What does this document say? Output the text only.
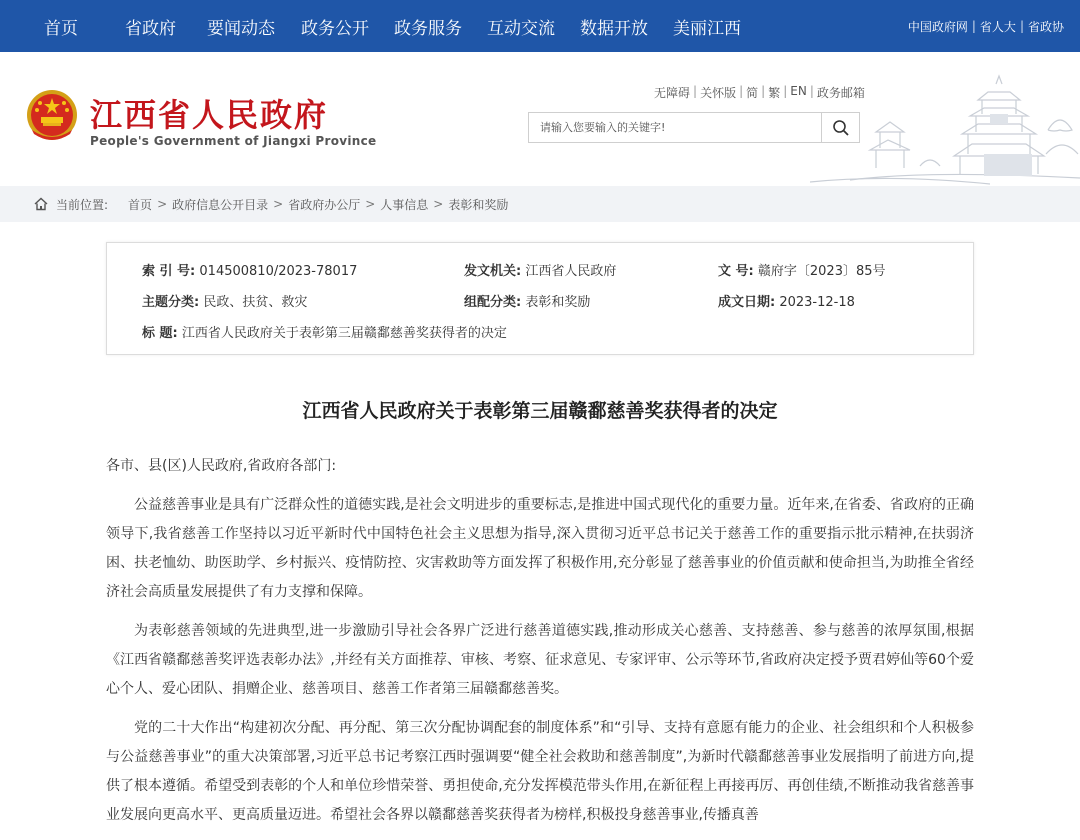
首页	省政府 要闻动态 政务公开 政务服务 互动交流 数据开放 美丽江西	中国政府网 | 省人大 | 省政协
江西省人民政府
People's Government of Jiangxi Province
无障碍 | 关怀版 | 简 | 繁 | EN | 政务邮箱
请输入您要输入的关键字!
当前位置: 首页 > 政府信息公开目录 > 省政府办公厅 > 人事信息 > 表彰和奖励
索 引 号: 014500810/2023-78017	发文机关: 江西省人民政府	文 号: 赣府字〔2023〕85号
主题分类: 民政、扶贫、救灾	组配分类: 表彰和奖励	成文日期: 2023-12-18
标 题: 江西省人民政府关于表彰第三届赣鄱慈善奖获得者的决定
江西省人民政府关于表彰第三届赣鄱慈善奖获得者的决定

各市、县(区)人民政府,省政府各部门:

公益慈善事业是具有广泛群众性的道德实践,是社会文明进步的重要标志,是推进中国式现代化的重要力量。近年来,在省委、省政府的正确领导下,我省慈善工作坚持以习近平新时代中国特色社会主义思想为指导,深入贯彻习近平总书记关于慈善工作的重要指示批示精神,在扶弱济困、扶老恤幼、助医助学、乡村振兴、疫情防控、灾害救助等方面发挥了积极作用,充分彰显了慈善事业的价值贡献和使命担当,为助推全省经济社会高质量发展提供了有力支撑和保障。

为表彰慈善领域的先进典型,进一步激励引导社会各界广泛进行慈善道德实践,推动形成关心慈善、支持慈善、参与慈善的浓厚氛围,根据《江西省赣鄱慈善奖评选表彰办法》,并经有关方面推荐、审核、考察、征求意见、专家评审、公示等环节,省政府决定授予贾君婷仙等60个爱心个人、爱心团队、捐赠企业、慈善项目、慈善工作者第三届赣鄱慈善奖。

党的二十大作出“构建初次分配、再分配、第三次分配协调配套的制度体系”和“引导、支持有意愿有能力的企业、社会组织和个人积极参与公益慈善事业”的重大决策部署,习近平总书记考察江西时强调要“健全社会救助和慈善制度”,为新时代赣鄱慈善事业发展指明了前进方向,提供了根本遵循。希望受到表彰的个人和单位珍惜荣誉、勇担使命,充分发挥模范带头作用,在新征程上再接再厉、再创佳绩,不断推动我省慈善事业发展向更高水平、更高质量迈进。希望社会各界以赣鄱慈善奖获得者为榜样,积极投身慈善事业,传播真善
